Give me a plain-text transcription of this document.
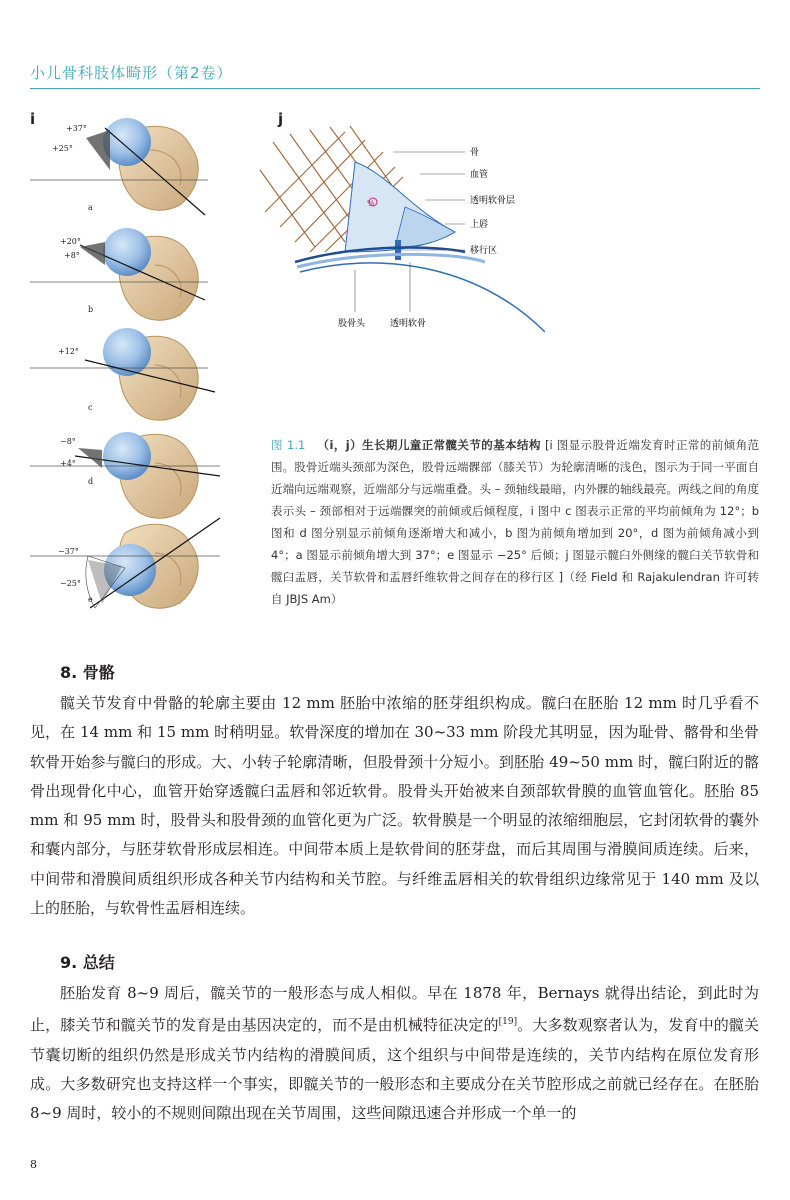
小儿骨科肢体畸形（第2卷）
i	j
+37°
+25°
a
+20°
+8°
b
+12°
c
−8°
+4°
d
−37°
−25°
e
%
骨
血管
透明软骨层
上唇
移行区
股骨头	透明软骨
图 1.1 （i，j）生长期儿童正常髋关节的基本结构 [i 图显示股骨近端发育时正常的前倾角范围。股骨近端头颈部为深色，股骨远端髁部（膝关节）为轮廓清晰的浅色，图示为于同一平面自近端向远端观察，近端部分与远端重叠。头 – 颈轴线最暗，内外髁的轴线最亮。两线之间的角度表示头 – 颈部相对于远端髁突的前倾或后倾程度，i 图中 c 图表示正常的平均前倾角为 12°；b 图和 d 图分别显示前倾角逐渐增大和减小，b 图为前倾角增加到 20°，d 图为前倾角减小到 4°；a 图显示前倾角增大到 37°；e 图显示 −25° 后倾；j 图显示髋臼外侧缘的髋臼关节软骨和髋臼盂唇，关节软骨和盂唇纤维软骨之间存在的移行区 ]（经 Field 和 Rajakulendran 许可转自 JBJS Am）
8. 骨骼
髋关节发育中骨骼的轮廓主要由 12 mm 胚胎中浓缩的胚芽组织构成。髋臼在胚胎 12 mm 时几乎看不见，在 14 mm 和 15 mm 时稍明显。软骨深度的增加在 30~33 mm 阶段尤其明显，因为耻骨、髂骨和坐骨软骨开始参与髋臼的形成。大、小转子轮廓清晰，但股骨颈十分短小。到胚胎 49~50 mm 时，髋臼附近的髂骨出现骨化中心，血管开始穿透髋臼盂唇和邻近软骨。股骨头开始被来自颈部软骨膜的血管血管化。胚胎 85 mm 和 95 mm 时，股骨头和股骨颈的血管化更为广泛。软骨膜是一个明显的浓缩细胞层，它封闭软骨的囊外和囊内部分，与胚芽软骨形成层相连。中间带本质上是软骨间的胚芽盘，而后其周围与滑膜间质连续。后来，中间带和滑膜间质组织形成各种关节内结构和关节腔。与纤维盂唇相关的软骨组织边缘常见于 140 mm 及以上的胚胎，与软骨性盂唇相连续。
9. 总结
胚胎发育 8~9 周后，髋关节的一般形态与成人相似。早在 1878 年，Bernays 就得出结论，到此时为止，膝关节和髋关节的发育是由基因决定的，而不是由机械特征决定的[19]。大多数观察者认为，发育中的髋关节囊切断的组织仍然是形成关节内结构的滑膜间质，这个组织与中间带是连续的，关节内结构在原位发育形成。大多数研究也支持这样一个事实，即髋关节的一般形态和主要成分在关节腔形成之前就已经存在。在胚胎 8~9 周时，较小的不规则间隙出现在关节周围，这些间隙迅速合并形成一个单一的
8
